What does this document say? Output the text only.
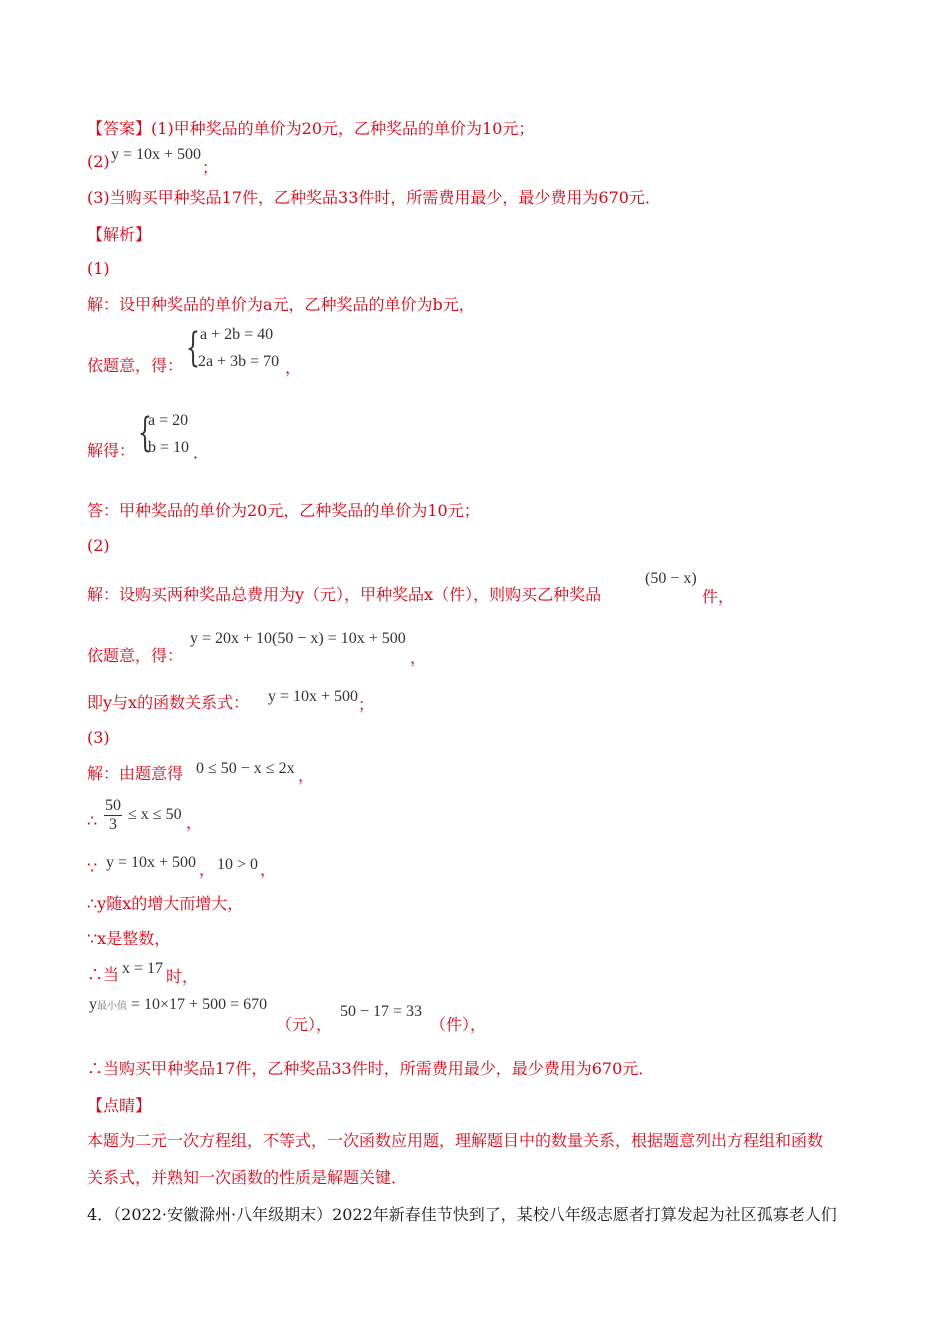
【答案】(1)甲种奖品的单价为20元，乙种奖品的单价为10元；
(2) y = 10x + 500
；
(3)当购买甲种奖品17件，乙种奖品33件时，所需费用最少，最少费用为670元．
【解析】
(1)
解：设甲种奖品的单价为a元，乙种奖品的单价为b元，
依题意，得： { a + 2b = 40
2a + 3b = 70 ，
解得： {
a = 20
b = 10 ．
答：甲种奖品的单价为20元，乙种奖品的单价为10元；
(2)
解：设购买两种奖品总费用为y（元），甲种奖品x（件），则购买乙种奖品
(50 − x)
件，
依题意，得：
y = 20x + 10(50 − x) = 10x + 500
，
即y与x的函数关系式： y = 10x + 500 ；
(3)
解：由题意得 0 ≤ 50 − x ≤ 2x ，
∴ $\frac{50}{3} \le x \le 50$ ，
∵ y = 10x + 500 ， 10 > 0 ，
∴y随x的增大而增大，
∵x是整数，
∴当 x = 17 时，
y最小值 = 10×17 + 500 = 670
（元），
50 − 17 = 33
（件），
∴当购买甲种奖品17件，乙种奖品33件时，所需费用最少，最少费用为670元．
【点睛】
本题为二元一次方程组，不等式，一次函数应用题，理解题目中的数量关系，根据题意列出方程组和函数
关系式，并熟知一次函数的性质是解题关键．
4．（2022·安徽滁州·八年级期末）2022年新春佳节快到了，某校八年级志愿者打算发起为社区孤寡老人们
